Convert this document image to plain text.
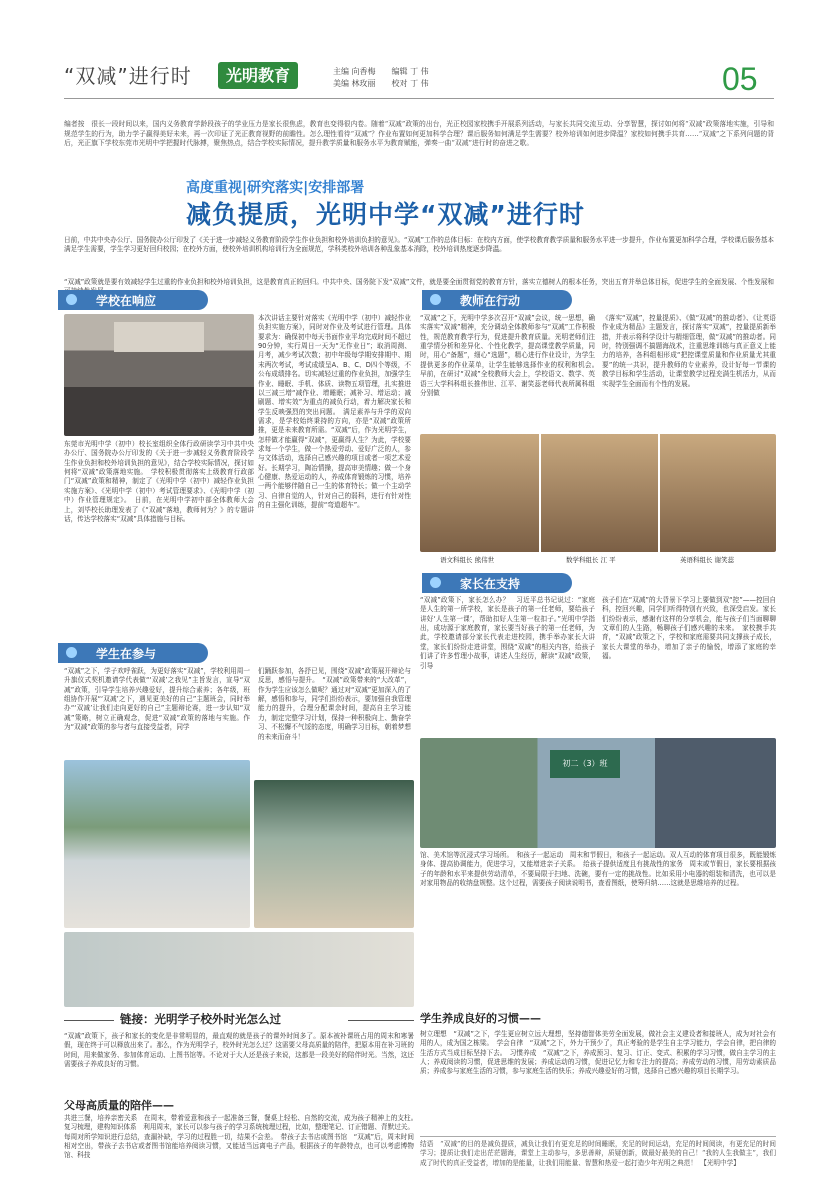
“双减”进行时	光明教育	主编 向香梅　　编辑 丁 伟
美编 林玫丽　　校对 丁 伟	05
编者按　很长一段时间以来，国内义务教育学龄段孩子的学业压力是家长很焦虑，教育也变得很内卷。随着“双减”政策的出台，光正校园家校携手开展系列活动，与家长共同交流互动、分享智慧，探讨如何将“双减”政策落地实施，引导和规范学生的行为，助力学子赢得美好未来，再一次印证了光正教育视野的前瞻性。怎么理性看待“双减”？作业布置如何更加科学合理？课后服务如何满足学生需要？校外培训如何进步降温？家校如何携手共育……“双减”之下系列问题的背后，光正旗下学校东莞市光明中学把握时代脉搏，聚焦热点，结合学校实际情况，提升教学质量和服务水平为教育赋能，弹奏一曲“双减”进行时的奋进之歌。
高度重视|研究落实|安排部署
减负提质，光明中学“双减”进行时
日前，中共中央办公厅、国务院办公厅印发了《关于进一步减轻义务教育阶段学生作业负担和校外培训负担的意见》。“双减”工作的总体目标：在校内方面，使学校教育教学质量和服务水平进一步提升，作业布置更加科学合理，学校课后服务基本满足学生需要，学生学习更好回归校园；在校外方面，使校外培训机构培训行为全面规范，学科类校外培训各种乱象基本消除，校外培训热度逐步降温。
“双减”政策就是要有效减轻学生过重的作业负担和校外培训负担，这是教育真正的回归。中共中央、国务院下发“双减”文件，就是要全面贯彻党的教育方针，落实立德树人的根本任务，突出五育并举总体目标，促进学生的全面发展、个性发展和
学校在响应
东莞市光明中学（初中）校长室组织全体行政研读学习中共中央办公厅、国务院办公厅印发的《关于进一步减轻义务教育阶段学生作业负担和校外培训负担的意见》，结合学校实际情况，探讨如何将“双减”政策落地实施。　学校积极贯彻落实上级教育行政部门“双减”政策和精神，制定了《光明中学（初中）减轻作业负担实施方案》、《光明中学（初中）考试管理要求》、《光明中学（初中）作业管理规定》。　日前，在光明中学初中部全体教师大会上，刘毕校长助理发表了《“双减”落地，教师何为？》的专题讲话，传达学校落实“双减”具体措施与目标。
本次讲话主要针对落实《光明中学（初中）减轻作业负担实施方案》，同时对作业及考试进行管理。具体要求为：确保初中每天书面作业平均完成时间不超过90分钟，实行周日一天为“无作业日”；取消周测、月考，减少考试次数；初中年级每学期安排期中、期末两次考试，考试成绩呈A、B、C、D四个等级，不公布成绩排名。切实减轻过重的作业负担，加强学生作业、睡眠、手机、体质、读物五项管理，扎实推进以三减三增“减作业、增睡眠；减补习、增运动；减刷题、增实效”为重点的减负行动，着力解决家长和学生反映强烈的突出问题。　满足素养与升学的双向需求，是学校始终秉持的方向，亦是“双减”政策所推，更是未来教育所需。“双减”后，作为光明学生，怎样做才能赢得“双减”，更赢得人生？为此，学校要求每一个学生，做一个热爱劳动、爱好广泛的人，参与文体活动，选择自己感兴趣的项目或者一项艺术爱好。长期学习，陶冶情操，提高审美情趣；做一个身心健康、热爱运动的人，养成体育锻炼的习惯，培养一两个能够伴随自己一生的体育特长；做一个主动学习、自律自觉的人，针对自己的弱科，进行有针对性的自主强化训练，提前“弯道超车”。
教师在行动
“双减”之下，光明中学多次召开“双减”会议，统一思想，确实落实“双减”精神，充分调动全体教师参与“双减”工作积极性，规范教育教学行为，促进提升教育质量。光明老师们注重学情分析和差异化、个性化教学，提高课堂教学质量，同时，用心“备题”，细心“选题”，精心进行作业设计，为学生提供更多的作业菜单，让学生能够选择作业的权利和机会。　早前，在研讨“双减”全校教师大会上，学校语文、数学、英语三大学科科组长推伟世、江平、谢笑蕊老师代表所属科组分别做
《落实“双减”，控量提质》、《做“双减”的推动者》、《让英语作业成为精品》主题发言，探讨落实“双减”，控量提质新举措，并表示将科学设计与精细管理，做“双减”的推动者。同时，特别强调不搞题海战术，注重思维训练与真正意义上能力的培养，各科组相形成“把控课堂质量和作业质量尤其重要”的统一共识，提升教师的专业素养，设计好每一节课的教学目标和学生活动，让课堂教学过程充满生机活力，从而实现学生全面而有个性的发展。
语文科组长 熊伟世	数学科组长 江 平	英语科组长 谢笑蕊
家长在支持
“双减”政策下，家长怎么办？　习近平总书记说过：“家庭是人生的第一所学校，家长是孩子的第一任老师，要给孩子讲好‘人生第一课’，帮助扣好人生第一粒扣子。”光明中学指出，成功源于家庭教育，家长要当好孩子的第一任老师，为此，学校邀请部分家长代表走进校园，携手举办家长大讲堂，家长们纷纷走进讲堂，围绕“双减”的相关内容，给孩子们讲了许多哲理小故事，讲述人生经历，解读“双减”政策，引导
孩子们在“双减”的大背景下学习上要做到双“控”——控回自科，控回兴趣，同学们听得特别有兴致，也深受启发。家长们纷纷表示，感谢有这样的分享机会，能与孩子们当面聊聊文章们的人生路，畅聊孩子们感兴趣的未来。　家校携手共育，“双减”政策之下，学校和家庭需要共同支撑孩子成长，家长大课堂的举办，增加了亲子的愉悦，增添了家庭的幸福。
初二（3）班
学生在参与
“双减”之下，学子欢呼雀跃，为更好落实“双减”，学校利用周一升旗仪式契机邀请学代表做“‘双减’之我见”主旨发言，宣导“双减”政策，引导学生培养兴趣爱好，提升综合素养；各年级，班组协作开展“‘双减’之下，遇见更美好的自己”主题班会，同时举办“‘双减’让我们走向更好的自己”主题辩论赛，进一步认知“双减”策略，树立正确观念，促进“双减”政策的落地与实施。作为“双减”政策的参与者与直接受益者，同学
们踊跃参加，各抒已见，围绕“双减”政策展开辩论与反思，感悟与提升。　“双减”政策带来的“大改革”，作为学生应该怎么做呢？通过对“双减”更加深入的了解，感悟和参与，同学们纷纷表示，要加强自我管理能力的提升，合理分配课余时间，提高自主学习能力，制定完整学习计划，保持一种积极向上、勤奋学习、不松懈不气馁的态度，明确学习目标，朝着梦想的未来而奋斗！
馆、美术馆等沉浸式学习场所。　和孩子一起运动　周末和节假日，和孩子一起运动。双人互动的体育项目很多，既能锻炼身体、提高协调能力，促进学习，又能增进亲子关系。　给孩子提供适度且有挑战性的家务　周末或节假日，家长要根据孩子的年龄和水平来提供劳动清单，不要局限于扫地、洗碗，要有一定的挑战性。比如采用小电器的组装和清洗，也可以是对家用物品的收纳盘规整。这个过程，需要孩子阅读说明书，查看图纸，使筹归纳……这就是思维培养的过程。
链接：光明学子校外时光怎么过
“双减”政策下，孩子和家长的变化是非常明显的，最直观的就是孩子的课外时间多了。原本被补课班占用的周末和寒暑假，现在终于可以释放出来了。那么，作为光明学子，校外时光怎么过？这需要父母高质量的陪伴，把原本用在补习班的时间，用来做家务、参加体育运动、上图书馆等。不论对于大人还是孩子来说，这都是一段美好的陪伴时光。当然，这还需要孩子养成良好的习惯。
父母高质量的陪伴——
共进三餐，培养亲密关系　在周末，带着爱意和孩子一起准备三餐，餐桌上轻松、自然的交流，成为孩子精神上的支柱。　复习梳理，建构知识体系　利用周末，家长可以参与孩子的学习系统梳理过程，比如，整理笔记、订正错题、背默过关。每周对所学知识进行总结，查漏补缺，学习的过程胜一切，结果不会差。　带孩子去书店或图书馆　“双减”后，周末时间相对空出，带孩子去书店或者图书馆能培养阅读习惯，又能适当远离电子产品，根据孩子的年龄特点，也可以考虑博物馆、科技
学生养成良好的习惯——
树立理想　“双减”之下，学生更应树立远大理想，坚持德智体美劳全面发展，做社会主义建设者和接班人，成为对社会有用的人，成为国之栋梁。　学会自律　“双减”之下，外力干预少了，真正考验的是学生自主学习能力，学会自律，把自律的生活方式当成目标坚持下去。　习惯养成　“双减”之下，养成预习、复习、订正、变式、积累的学习习惯，做自主学习的主人；养成阅读的习惯，促进思维的发展；养成运动的习惯，促进记忆力和专注力的提高；养成劳动的习惯，用劳动素质品质；养成参与家庭生活的习惯，参与家庭生活的快乐；养成兴趣爱好的习惯，选择自己感兴趣的项目长期学习。
结语　“双减”的目的是减负提质，减负让我们有更充足的时间睡眠，充足的时间运动，充足的时间阅读，有更充足的时间学习；提质让我们走出茫茫题海，课堂上主动参与，多思善辩，质疑创新，做最好最美的自己！“我的人生我做主”，我们成了时代的真正受益者，增加的是能量，让我们用能量、智慧和热爱一起打造少年光明之典范！　【光明中学】
